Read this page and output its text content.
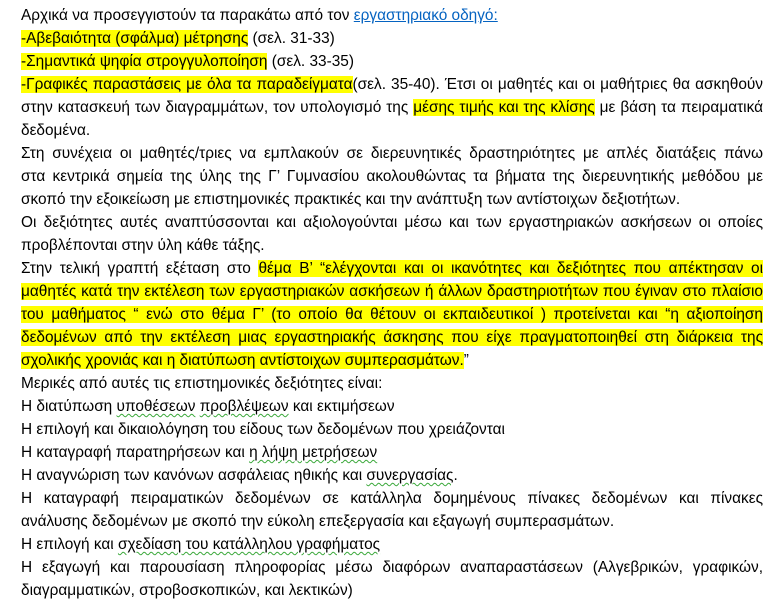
Αρχικά να προσεγγιστούν τα παρακάτω από τον εργαστηριακό οδηγό:
-Αβεβαιότητα (σφάλμα) μέτρησης (σελ. 31-33)
-Σημαντικά ψηφία στρογγυλοποίηση (σελ. 33-35)
-Γραφικές παραστάσεις με όλα τα παραδείγματα(σελ. 35-40). Έτσι οι μαθητές και οι μαθήτριες θα ασκηθούν
στην κατασκευή των διαγραμμάτων, τον υπολογισμό της μέσης τιμής και της κλίσης με βάση τα πειραματικά
δεδομένα.
Στη συνέχεια οι μαθητές/τριες να εμπλακούν σε διερευνητικές δραστηριότητες με απλές διατάξεις πάνω
στα κεντρικά σημεία της ύλης της Γ’ Γυμνασίου ακολουθώντας τα βήματα της διερευνητικής μεθόδου με
σκοπό την εξοικείωση με επιστημονικές πρακτικές και την ανάπτυξη των αντίστοιχων δεξιοτήτων.
Οι δεξιότητες αυτές αναπτύσσονται και αξιολογούνται μέσω και των εργαστηριακών ασκήσεων οι οποίες
προβλέπονται στην ύλη κάθε τάξης.
Στην τελική γραπτή εξέταση στο θέμα Β’ “ελέγχονται και οι ικανότητες και δεξιότητες που απέκτησαν οι
μαθητές κατά την εκτέλεση των εργαστηριακών ασκήσεων ή άλλων δραστηριοτήτων που έγιναν στο πλαίσιο
του μαθήματος “ ενώ στο θέμα Γ’ (το οποίο θα θέτουν οι εκπαιδευτικοί ) προτείνεται και “η αξιοποίηση
δεδομένων από την εκτέλεση μιας εργαστηριακής άσκησης που είχε πραγματοποιηθεί στη διάρκεια της
σχολικής χρονιάς και η διατύπωση αντίστοιχων συμπερασμάτων.”
Μερικές από αυτές τις επιστημονικές δεξιότητες είναι:
Η διατύπωση υποθέσεων προβλέψεων και εκτιμήσεων
Η επιλογή και δικαιολόγηση του είδους των δεδομένων που χρειάζονται
Η καταγραφή παρατηρήσεων και η λήψη μετρήσεων
Η αναγνώριση των κανόνων ασφάλειας ηθικής και συνεργασίας.
Η καταγραφή πειραματικών δεδομένων σε κατάλληλα δομημένους πίνακες δεδομένων και πίνακες
ανάλυσης δεδομένων με σκοπό την εύκολη επεξεργασία και εξαγωγή συμπερασμάτων.
Η επιλογή και σχεδίαση του κατάλληλου γραφήματος
Η εξαγωγή και παρουσίαση πληροφορίας μέσω διαφόρων αναπαραστάσεων (Αλγεβρικών, γραφικών,
διαγραμματικών, στροβοσκοπικών, και λεκτικών)
